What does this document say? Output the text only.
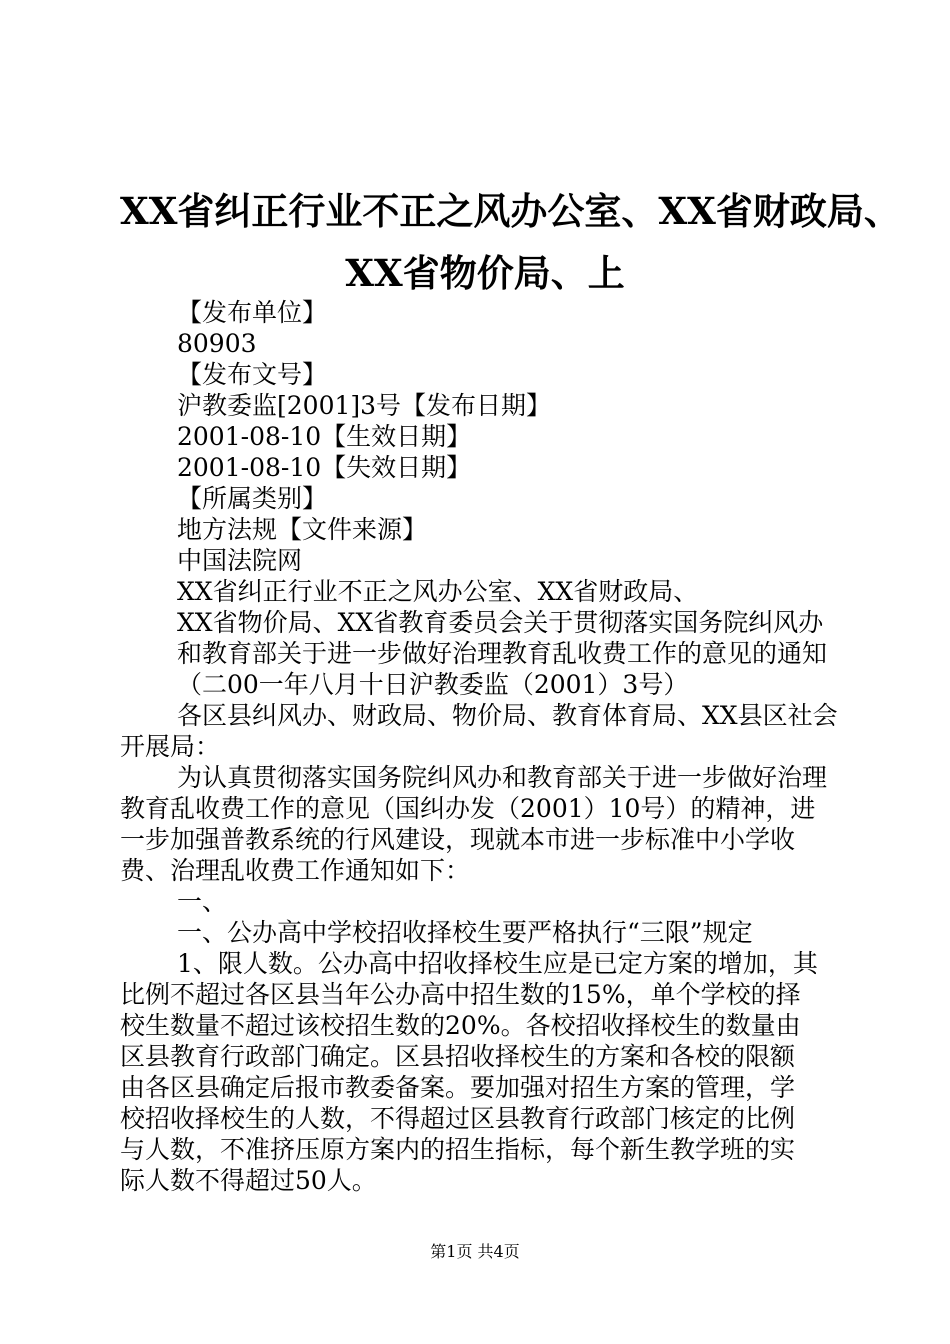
XX省纠正行业不正之风办公室、XX省财政局、
XX省物价局、上
【发布单位】
80903
【发布文号】
沪教委监[2001]3号【发布日期】
2001-08-10【生效日期】
2001-08-10【失效日期】
【所属类别】
地方法规【文件来源】
中国法院网
XX省纠正行业不正之风办公室、XX省财政局、
XX省物价局、XX省教育委员会关于贯彻落实国务院纠风办
和教育部关于进一步做好治理教育乱收费工作的意见的通知
（二00一年八月十日沪教委监（2001）3号）
各区县纠风办、财政局、物价局、教育体育局、XX县区社会
开展局：
为认真贯彻落实国务院纠风办和教育部关于进一步做好治理
教育乱收费工作的意见（国纠办发（2001）10号）的精神，进
一步加强普教系统的行风建设，现就本市进一步标准中小学收
费、治理乱收费工作通知如下：
一、
一、公办高中学校招收择校生要严格执行“三限”规定
1、限人数。公办高中招收择校生应是已定方案的增加，其
比例不超过各区县当年公办高中招生数的15%，单个学校的择
校生数量不超过该校招生数的20%。各校招收择校生的数量由
区县教育行政部门确定。区县招收择校生的方案和各校的限额
由各区县确定后报市教委备案。要加强对招生方案的管理，学
校招收择校生的人数，不得超过区县教育行政部门核定的比例
与人数，不准挤压原方案内的招生指标，每个新生教学班的实
际人数不得超过50人。
第1页 共4页
